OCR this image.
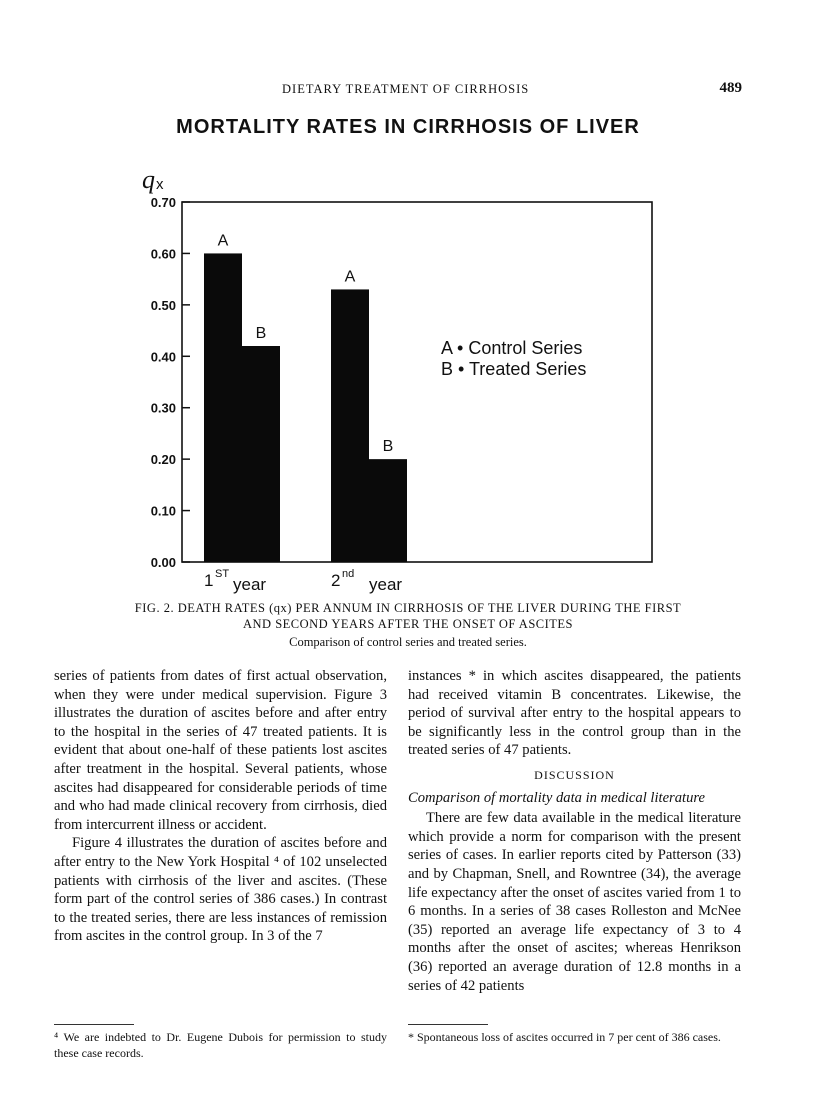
DIETARY TREATMENT OF CIRRHOSIS	489
MORTALITY RATES IN CIRRHOSIS OF LIVER
0.00
0.10
0.20
0.30
0.40
0.50
0.60
0.70
q x
A
B
1 ST
year
A
B
2 nd
year
A • Control Series
B • Treated Series
FIG. 2. DEATH RATES (qx) PER ANNUM IN CIRRHOSIS OF THE LIVER DURING THE FIRST
AND SECOND YEARS AFTER THE ONSET OF ASCITES
Comparison of control series and treated series.

series of patients from dates of first actual observation, when they were under medical supervision. Figure 3 illustrates the duration of ascites before and after entry to the hospital in the series of 47 treated patients. It is evident that about one-half of these patients lost ascites after treatment in the hospital. Several patients, whose ascites had disappeared for considerable periods of time and who had made clinical recovery from cirrhosis, died from intercurrent illness or accident.

Figure 4 illustrates the duration of ascites before and after entry to the New York Hospital ⁴ of 102 unselected patients with cirrhosis of the liver and ascites. (These form part of the control series of 386 cases.) In contrast to the treated series, there are less instances of remission from ascites in the control group. In 3 of the 7

instances * in which ascites disappeared, the patients had received vitamin B concentrates. Likewise, the period of survival after entry to the hospital appears to be significantly less in the control group than in the treated series of 47 patients.

DISCUSSION
Comparison of mortality data in medical literature

There are few data available in the medical literature which provide a norm for comparison with the present series of cases. In earlier reports cited by Patterson (33) and by Chapman, Snell, and Rowntree (34), the average life expectancy after the onset of ascites varied from 1 to 6 months. In a series of 38 cases Rolleston and McNee (35) reported an average life expectancy of 3 to 4 months after the onset of ascites; whereas Henrikson (36) reported an average duration of 12.8 months in a series of 42 patients

⁴ We are indebted to Dr. Eugene Dubois for permission to study these case records.
* Spontaneous loss of ascites occurred in 7 per cent of 386 cases.
